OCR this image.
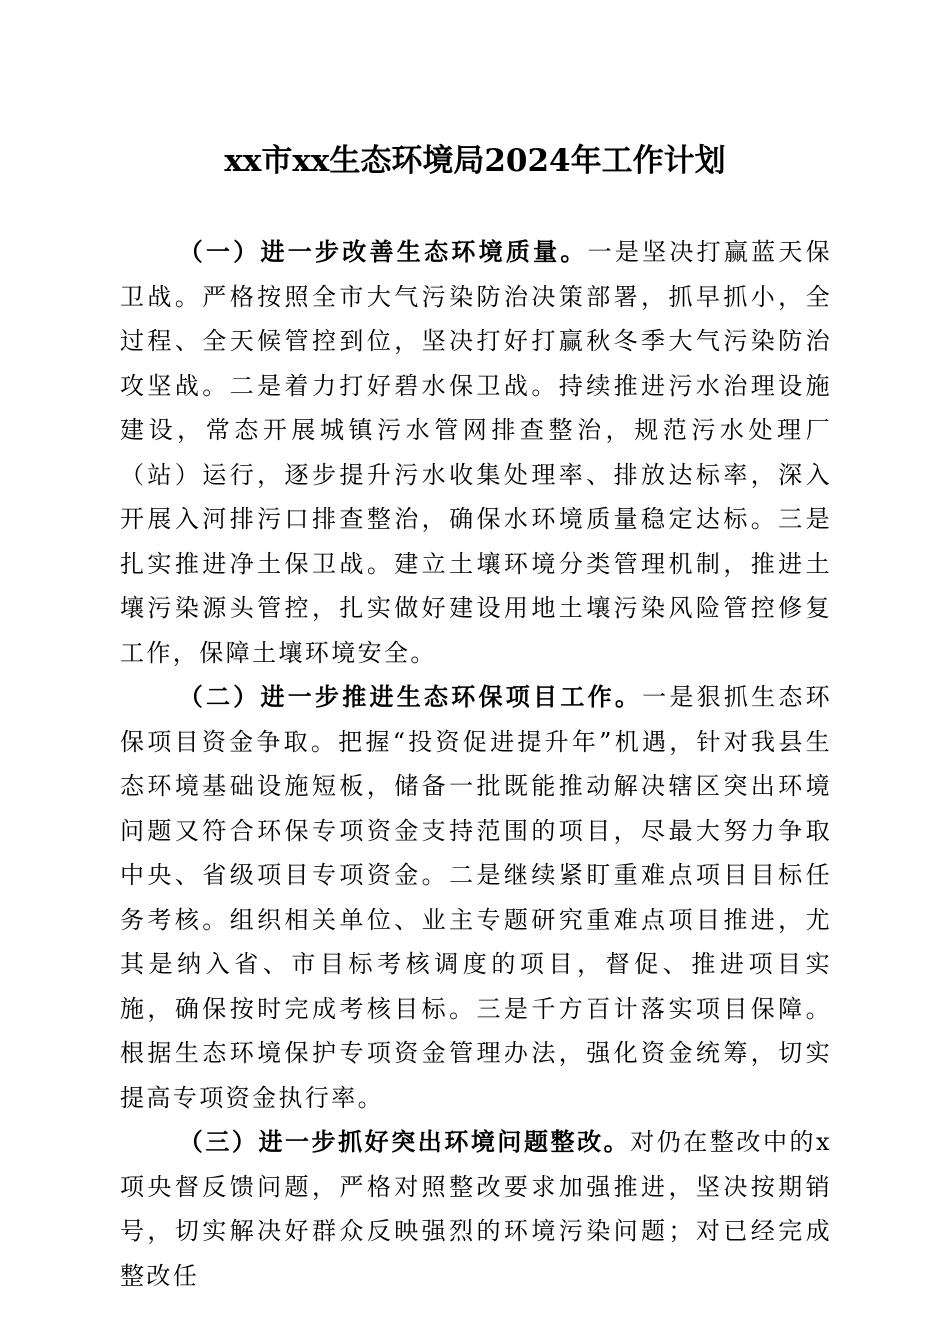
xx市xx生态环境局2024年工作计划

（一）进一步改善生态环境质量。一是坚决打赢蓝天保卫战。严格按照全市大气污染防治决策部署，抓早抓小，全过程、全天候管控到位，坚决打好打赢秋冬季大气污染防治攻坚战。二是着力打好碧水保卫战。持续推进污水治理设施建设，常态开展城镇污水管网排查整治，规范污水处理厂（站）运行，逐步提升污水收集处理率、排放达标率，深入开展入河排污口排查整治，确保水环境质量稳定达标。三是扎实推进净土保卫战。建立土壤环境分类管理机制，推进土壤污染源头管控，扎实做好建设用地土壤污染风险管控修复工作，保障土壤环境安全。

（二）进一步推进生态环保项目工作。一是狠抓生态环保项目资金争取。把握“投资促进提升年”机遇，针对我县生态环境基础设施短板，储备一批既能推动解决辖区突出环境问题又符合环保专项资金支持范围的项目，尽最大努力争取中央、省级项目专项资金。二是继续紧盯重难点项目目标任务考核。组织相关单位、业主专题研究重难点项目推进，尤其是纳入省、市目标考核调度的项目，督促、推进项目实施，确保按时完成考核目标。三是千方百计落实项目保障。根据生态环境保护专项资金管理办法，强化资金统筹，切实提高专项资金执行率。

（三）进一步抓好突出环境问题整改。对仍在整改中的x项央督反馈问题，严格对照整改要求加强推进，坚决按期销号，切实解决好群众反映强烈的环境污染问题；对已经完成整改任
